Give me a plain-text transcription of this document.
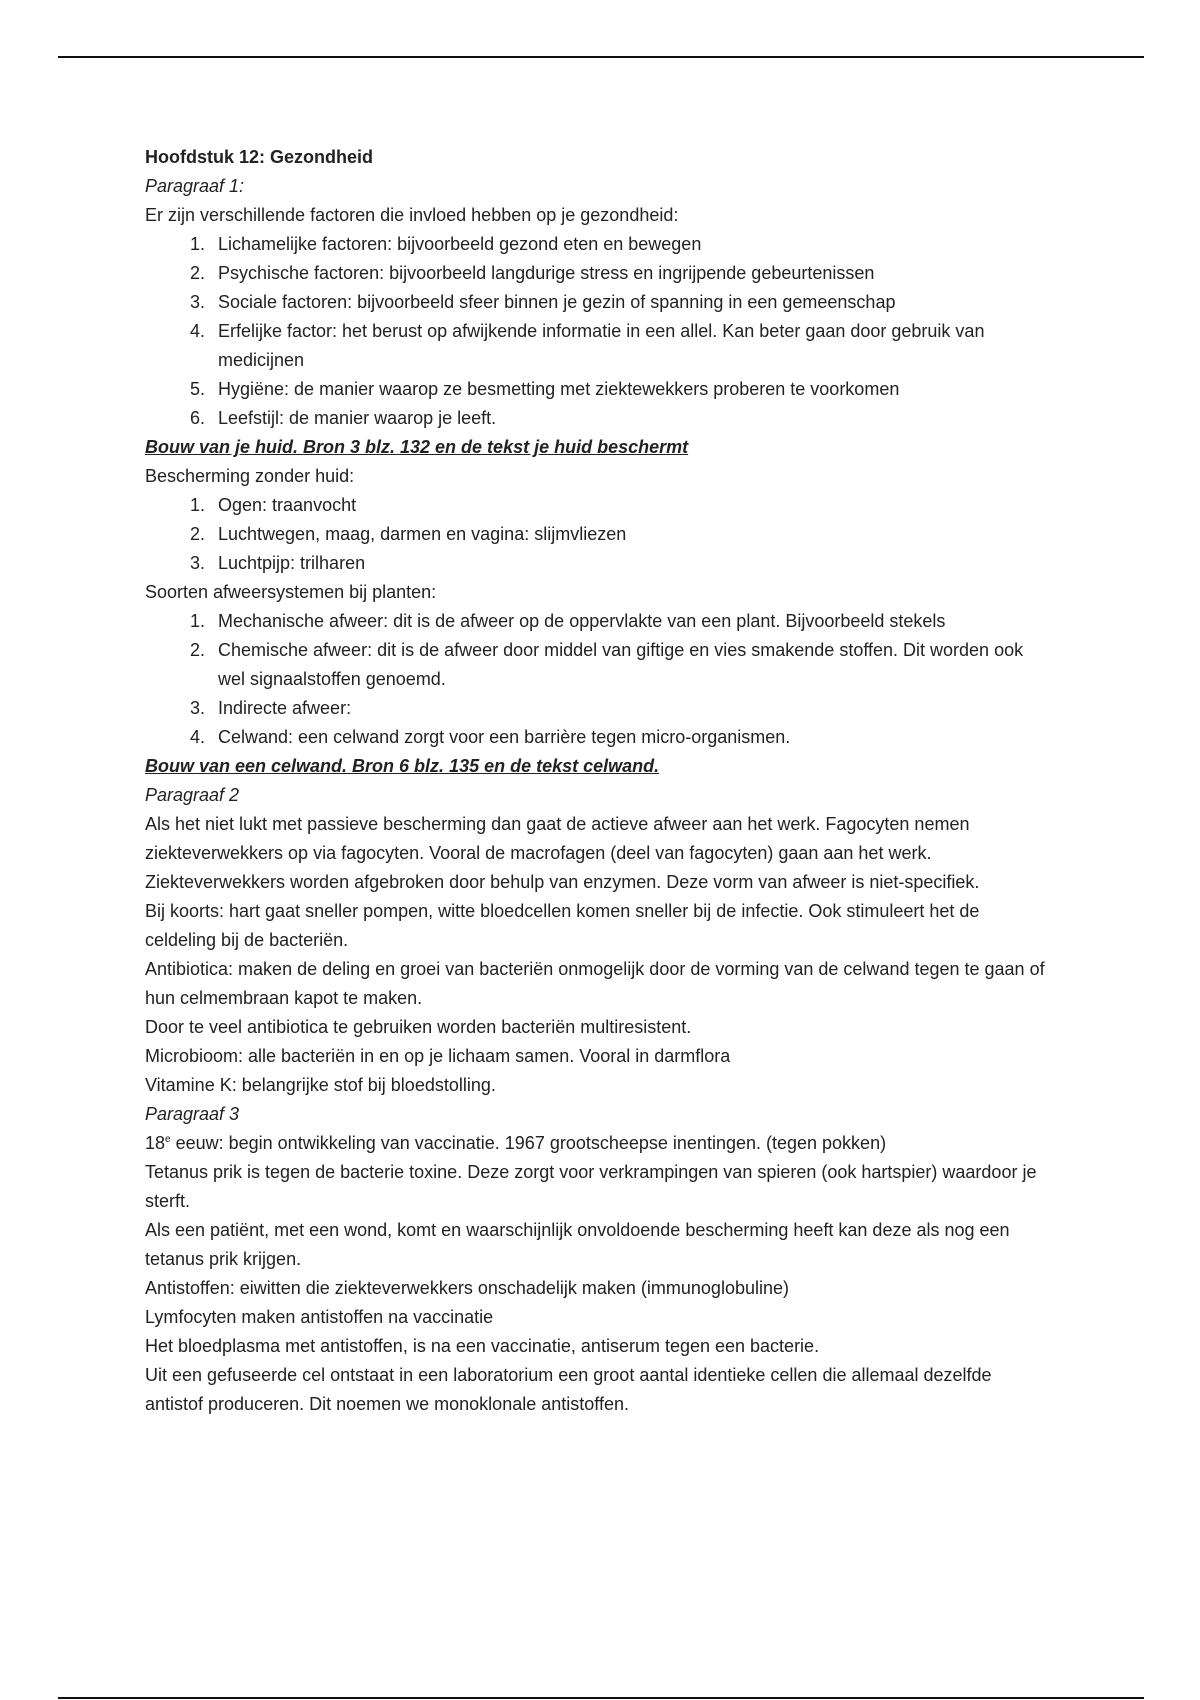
Hoofdstuk 12: Gezondheid
Paragraaf 1:
Er zijn verschillende factoren die invloed hebben op je gezondheid:
1. Lichamelijke factoren: bijvoorbeeld gezond eten en bewegen
2. Psychische factoren: bijvoorbeeld langdurige stress en ingrijpende gebeurtenissen
3. Sociale factoren: bijvoorbeeld sfeer binnen je gezin of spanning in een gemeenschap
4. Erfelijke factor: het berust op afwijkende informatie in een allel. Kan beter gaan door gebruik van medicijnen
5. Hygiëne: de manier waarop ze besmetting met ziektewekkers proberen te voorkomen
6. Leefstijl: de manier waarop je leeft.
Bouw van je huid. Bron 3 blz. 132 en de tekst je huid beschermt
Bescherming zonder huid:
1. Ogen: traanvocht
2. Luchtwegen, maag, darmen en vagina: slijmvliezen
3. Luchtpijp: trilharen
Soorten afweersystemen bij planten:
1. Mechanische afweer: dit is de afweer op de oppervlakte van een plant. Bijvoorbeeld stekels
2. Chemische afweer: dit is de afweer door middel van giftige en vies smakende stoffen. Dit worden ook wel signaalstoffen genoemd.
3. Indirecte afweer:
4. Celwand: een celwand zorgt voor een barrière tegen micro-organismen.
Bouw van een celwand. Bron 6 blz. 135 en de tekst celwand.
Paragraaf 2
Als het niet lukt met passieve bescherming dan gaat de actieve afweer aan het werk. Fagocyten nemen ziekteverwekkers op via fagocyten. Vooral de macrofagen (deel van fagocyten) gaan aan het werk.
Ziekteverwekkers worden afgebroken door behulp van enzymen. Deze vorm van afweer is niet-specifiek.
Bij koorts: hart gaat sneller pompen, witte bloedcellen komen sneller bij de infectie. Ook stimuleert het de celdeling bij de bacteriën.
Antibiotica: maken de deling en groei van bacteriën onmogelijk door de vorming van de celwand tegen te gaan of hun celmembraan kapot te maken.
Door te veel antibiotica te gebruiken worden bacteriën multiresistent.
Microbioom: alle bacteriën in en op je lichaam samen. Vooral in darmflora
Vitamine K: belangrijke stof bij bloedstolling.
Paragraaf 3
18e eeuw: begin ontwikkeling van vaccinatie. 1967 grootscheepse inentingen. (tegen pokken)
Tetanus prik is tegen de bacterie toxine. Deze zorgt voor verkrampingen van spieren (ook hartspier) waardoor je sterft.
Als een patiënt, met een wond, komt en waarschijnlijk onvoldoende bescherming heeft kan deze als nog een tetanus prik krijgen.
Antistoffen: eiwitten die ziekteverwekkers onschadelijk maken (immunoglobuline)
Lymfocyten maken antistoffen na vaccinatie
Het bloedplasma met antistoffen, is na een vaccinatie, antiserum tegen een bacterie.
Uit een gefuseerde cel ontstaat in een laboratorium een groot aantal identieke cellen die allemaal dezelfde antistof produceren. Dit noemen we monoklonale antistoffen.
